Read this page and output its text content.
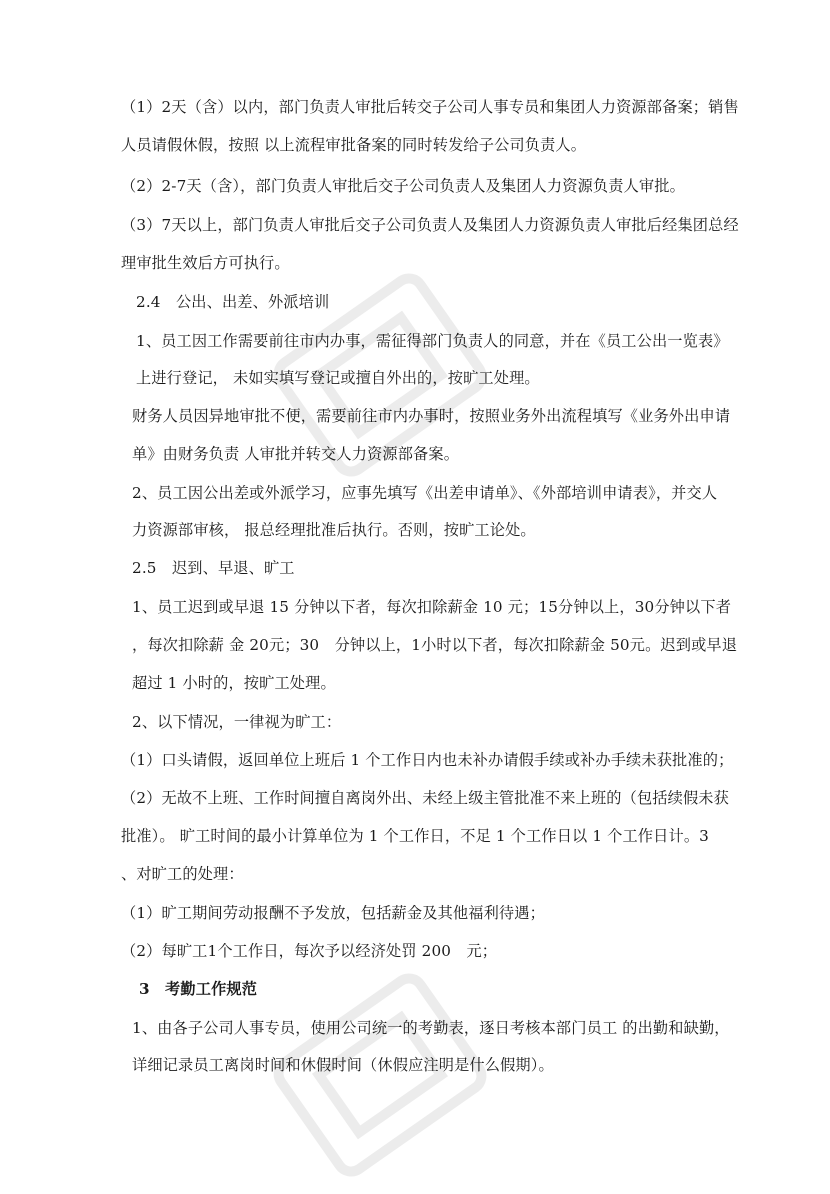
（1）2天（含）以内，部门负责人审批后转交子公司人事专员和集团人力资源部备案；销售
人员请假休假，按照 以上流程审批备案的同时转发给子公司负责人。
（2）2-7天（含），部门负责人审批后交子公司负责人及集团人力资源负责人审批。
（3）7天以上，部门负责人审批后交子公司负责人及集团人力资源负责人审批后经集团总经
理审批生效后方可执行。
2.4　公出、出差、外派培训
1、员工因工作需要前往市内办事，需征得部门负责人的同意，并在《员工公出一览表》
上进行登记， 未如实填写登记或擅自外出的，按旷工处理。
财务人员因异地审批不便，需要前往市内办事时，按照业务外出流程填写《业务外出申请
单》由财务负责 人审批并转交人力资源部备案。
2、员工因公出差或外派学习，应事先填写《出差申请单》、《外部培训申请表》，并交人
力资源部审核， 报总经理批准后执行。否则，按旷工论处。
2.5　迟到、早退、旷工
1、员工迟到或早退 15 分钟以下者，每次扣除薪金 10 元；15分钟以上，30分钟以下者
，每次扣除薪 金 20元；30　分钟以上，1小时以下者，每次扣除薪金 50元。迟到或早退
超过 1 小时的，按旷工处理。
2、以下情况，一律视为旷工：
（1）口头请假，返回单位上班后 1 个工作日内也未补办请假手续或补办手续未获批准的；
（2）无故不上班、工作时间擅自离岗外出、未经上级主管批准不来上班的（包括续假未获
批准）。 旷工时间的最小计算单位为 1 个工作日，不足 1 个工作日以 1 个工作日计。3
、对旷工的处理：
（1）旷工期间劳动报酬不予发放，包括薪金及其他福利待遇；
（2）每旷工1个工作日，每次予以经济处罚 200　元；
3　考勤工作规范
1、由各子公司人事专员，使用公司统一的考勤表，逐日考核本部门员工 的出勤和缺勤，
详细记录员工离岗时间和休假时间（休假应注明是什么假期）。
